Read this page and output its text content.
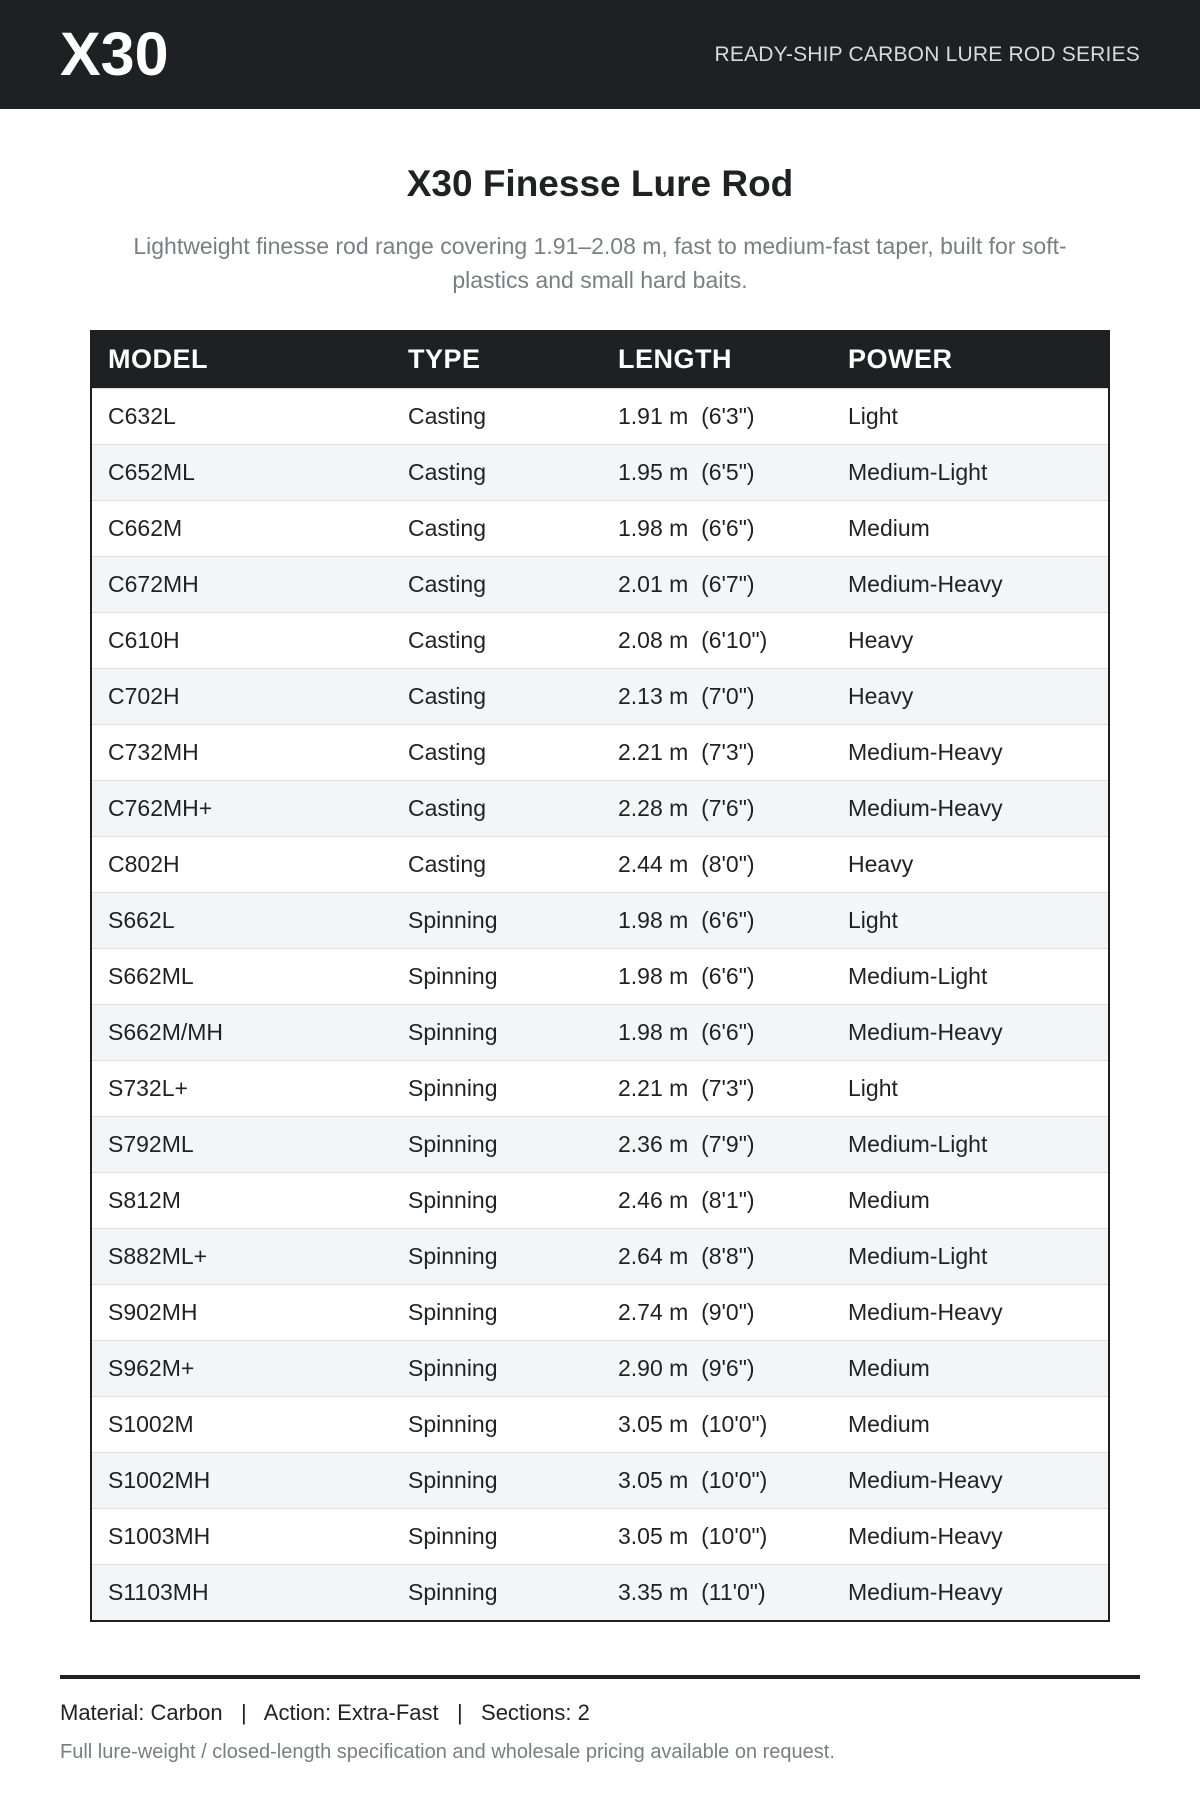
X30	READY-SHIP CARBON LURE ROD SERIES
X30 Finesse Lure Rod

Lightweight finesse rod range covering 1.91–2.08 m, fast to medium-fast taper, built for soft-plastics and small hard baits.

MODEL	TYPE	LENGTH	POWER
C632L	Casting	1.91 m  (6'3")	Light
C652ML	Casting	1.95 m  (6'5")	Medium-Light
C662M	Casting	1.98 m  (6'6")	Medium
C672MH	Casting	2.01 m  (6'7")	Medium-Heavy
C610H	Casting	2.08 m  (6'10")	Heavy
C702H	Casting	2.13 m  (7'0")	Heavy
C732MH	Casting	2.21 m  (7'3")	Medium-Heavy
C762MH+	Casting	2.28 m  (7'6")	Medium-Heavy
C802H	Casting	2.44 m  (8'0")	Heavy
S662L	Spinning	1.98 m  (6'6")	Light
S662ML	Spinning	1.98 m  (6'6")	Medium-Light
S662M/MH	Spinning	1.98 m  (6'6")	Medium-Heavy
S732L+	Spinning	2.21 m  (7'3")	Light
S792ML	Spinning	2.36 m  (7'9")	Medium-Light
S812M	Spinning	2.46 m  (8'1")	Medium
S882ML+	Spinning	2.64 m  (8'8")	Medium-Light
S902MH	Spinning	2.74 m  (9'0")	Medium-Heavy
S962M+	Spinning	2.90 m  (9'6")	Medium
S1002M	Spinning	3.05 m  (10'0")	Medium
S1002MH	Spinning	3.05 m  (10'0")	Medium-Heavy
S1003MH	Spinning	3.05 m  (10'0")	Medium-Heavy
S1103MH	Spinning	3.35 m  (11'0")	Medium-Heavy
Material: Carbon   |   Action: Extra-Fast   |   Sections: 2
Full lure-weight / closed-length specification and wholesale pricing available on request.
